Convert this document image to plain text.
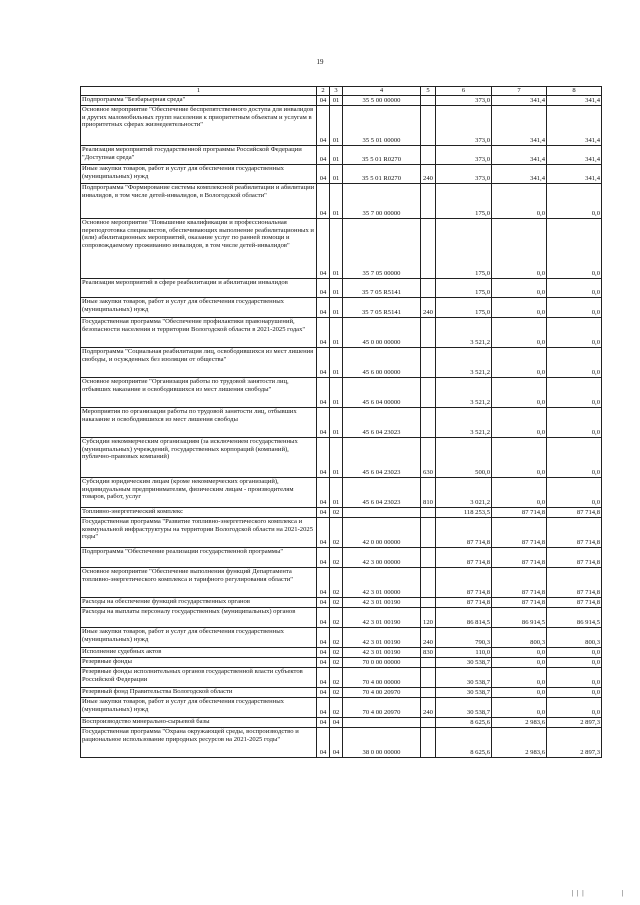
19
1	2	3	4	5	6	7	8
Подпрограмма "Безбарьерная среда"	04	01	35 5 00 00000		373,0	341,4	341,4
Основное мероприятие "Обеспечение беспрепятственного доступа для инвалидов и других маломобильных групп населения к приоритетным объектам и услугам в приоритетных сферах жизнедеятельности"	04	01	35 5 01 00000		373,0	341,4	341,4
Реализация мероприятий государственной программы Российской Федерации "Доступная среда"	04	01	35 5 01 R0270		373,0	341,4	341,4
Иные закупки товаров, работ и услуг для обеспечения государственных (муниципальных) нужд	04	01	35 5 01 R0270	240	373,0	341,4	341,4
Подпрограмма "Формирование системы комплексной реабилитации и абилитации инвалидов, в том числе детей-инвалидов, в Вологодской области"	04	01	35 7 00 00000		175,0	0,0	0,0
Основное мероприятие "Повышение квалификации и профессиональная переподготовка специалистов, обеспечивающих выполнение реабилитационных и (или) абилитационных мероприятий, оказание услуг по ранней помощи и сопровождаемому проживанию инвалидов, в том числе детей-инвалидов"	04	01	35 7 05 00000		175,0	0,0	0,0
Реализация мероприятий в сфере реабилитации и абилитации инвалидов	04	01	35 7 05 R5141		175,0	0,0	0,0
Иные закупки товаров, работ и услуг для обеспечения государственных (муниципальных) нужд	04	01	35 7 05 R5141	240	175,0	0,0	0,0
Государственная программа "Обеспечение профилактики правонарушений, безопасности населения и территории Вологодской области в 2021-2025 годах"	04	01	45 0 00 00000		3 521,2	0,0	0,0
Подпрограмма "Социальная реабилитация лиц, освободившихся из мест лишения свободы, и осужденных без изоляции от общества"	04	01	45 6 00 00000		3 521,2	0,0	0,0
Основное мероприятие "Организация работы по трудовой занятости лиц, отбывших наказание и освободившихся из мест лишения свободы"	04	01	45 6 04 00000		3 521,2	0,0	0,0
Мероприятия по организации работы по трудовой занятости лиц, отбывших наказание и освободившихся из мест лишения свободы	04	01	45 6 04 23023		3 521,2	0,0	0,0
Субсидии некоммерческим организациям (за исключением государственных (муниципальных) учреждений, государственных корпораций (компаний), публично-правовых компаний)	04	01	45 6 04 23023	630	500,0	0,0	0,0
Субсидии юридическим лицам (кроме некоммерческих организаций), индивидуальным предпринимателям, физическим лицам - производителям товаров, работ, услуг	04	01	45 6 04 23023	810	3 021,2	0,0	0,0
Топливно-энергетический комплекс	04	02			118 253,5	87 714,8	87 714,8
Государственная программа "Развитие топливно-энергетического комплекса и коммунальной инфраструктуры на территории Вологодской области на 2021-2025 годы"	04	02	42 0 00 00000		87 714,8	87 714,8	87 714,8
Подпрограмма "Обеспечение реализации государственной программы"	04	02	42 3 00 00000		87 714,8	87 714,8	87 714,8
Основное мероприятие "Обеспечение выполнения функций Департамента топливно-энергетического комплекса и тарифного регулирования области"	04	02	42 3 01 00000		87 714,8	87 714,8	87 714,8
Расходы на обеспечение функций государственных органов	04	02	42 3 01 00190		87 714,8	87 714,8	87 714,8
Расходы на выплаты персоналу государственных (муниципальных) органов	04	02	42 3 01 00190	120	86 814,5	86 914,5	86 914,5
Иные закупки товаров, работ и услуг для обеспечения государственных (муниципальных) нужд	04	02	42 3 01 00190	240	790,3	800,3	800,3
Исполнение судебных актов	04	02	42 3 01 00190	830	110,0	0,0	0,0
Резервные фонды	04	02	70 0 00 00000		30 538,7	0,0	0,0
Резервные фонды исполнительных органов государственной власти субъектов Российской Федерации	04	02	70 4 00 00000		30 538,7	0,0	0,0
Резервный фонд Правительства Вологодской области	04	02	70 4 00 20970		30 538,7	0,0	0,0
Иные закупки товаров, работ и услуг для обеспечения государственных (муниципальных) нужд	04	02	70 4 00 20970	240	30 538,7	0,0	0,0
Воспроизводство минерально-сырьевой базы	04	04			8 625,6	2 983,6	2 897,3
Государственная программа "Охрана окружающей среды, воспроизводство и рациональное использование природных ресурсов на 2021-2025 годы"	04	04	38 0 00 00000		8 625,6	2 983,6	2 897,3
| | |	|
